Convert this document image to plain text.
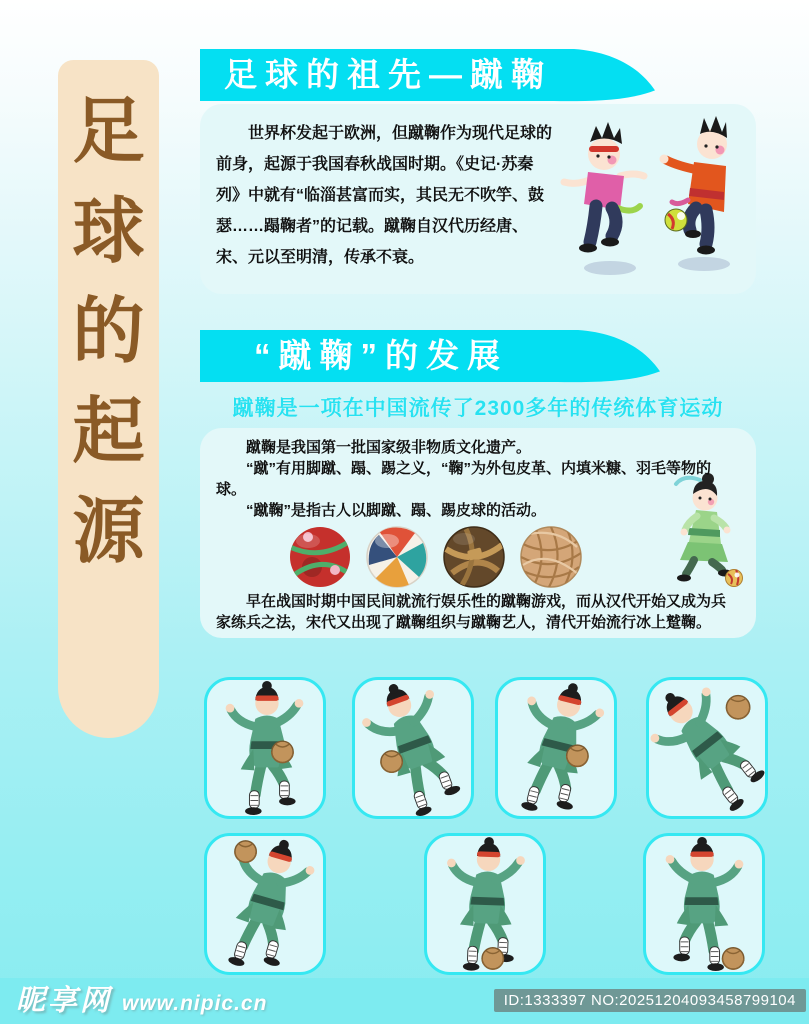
足
球
的
起
源
足球的祖先—蹴鞠

世界杯发起于欧洲，但蹴鞠作为现代足球的前身，起源于我国春秋战国时期。《史记·苏秦列》中就有“临淄甚富而实，其民无不吹竽、鼓瑟……蹋鞠者”的记载。蹴鞠自汉代历经唐、宋、元以至明清，传承不衰。

“蹴鞠”的发展
蹴鞠是一项在中国流传了2300多年的传统体育运动

蹴鞠是我国第一批国家级非物质文化遗产。

“蹴”有用脚蹴、蹋、踢之义，“鞠”为外包皮革、内填米糠、羽毛等物的球。

“蹴鞠”是指古人以脚蹴、蹋、踢皮球的活动。

早在战国时期中国民间就流行娱乐性的蹴鞠游戏，而从汉代开始又成为兵家练兵之法，宋代又出现了蹴鞠组织与蹴鞠艺人，清代开始流行冰上蹵鞠。

昵享网 www.nipic.cn	ID:1333397 NO:20251204093458799104
